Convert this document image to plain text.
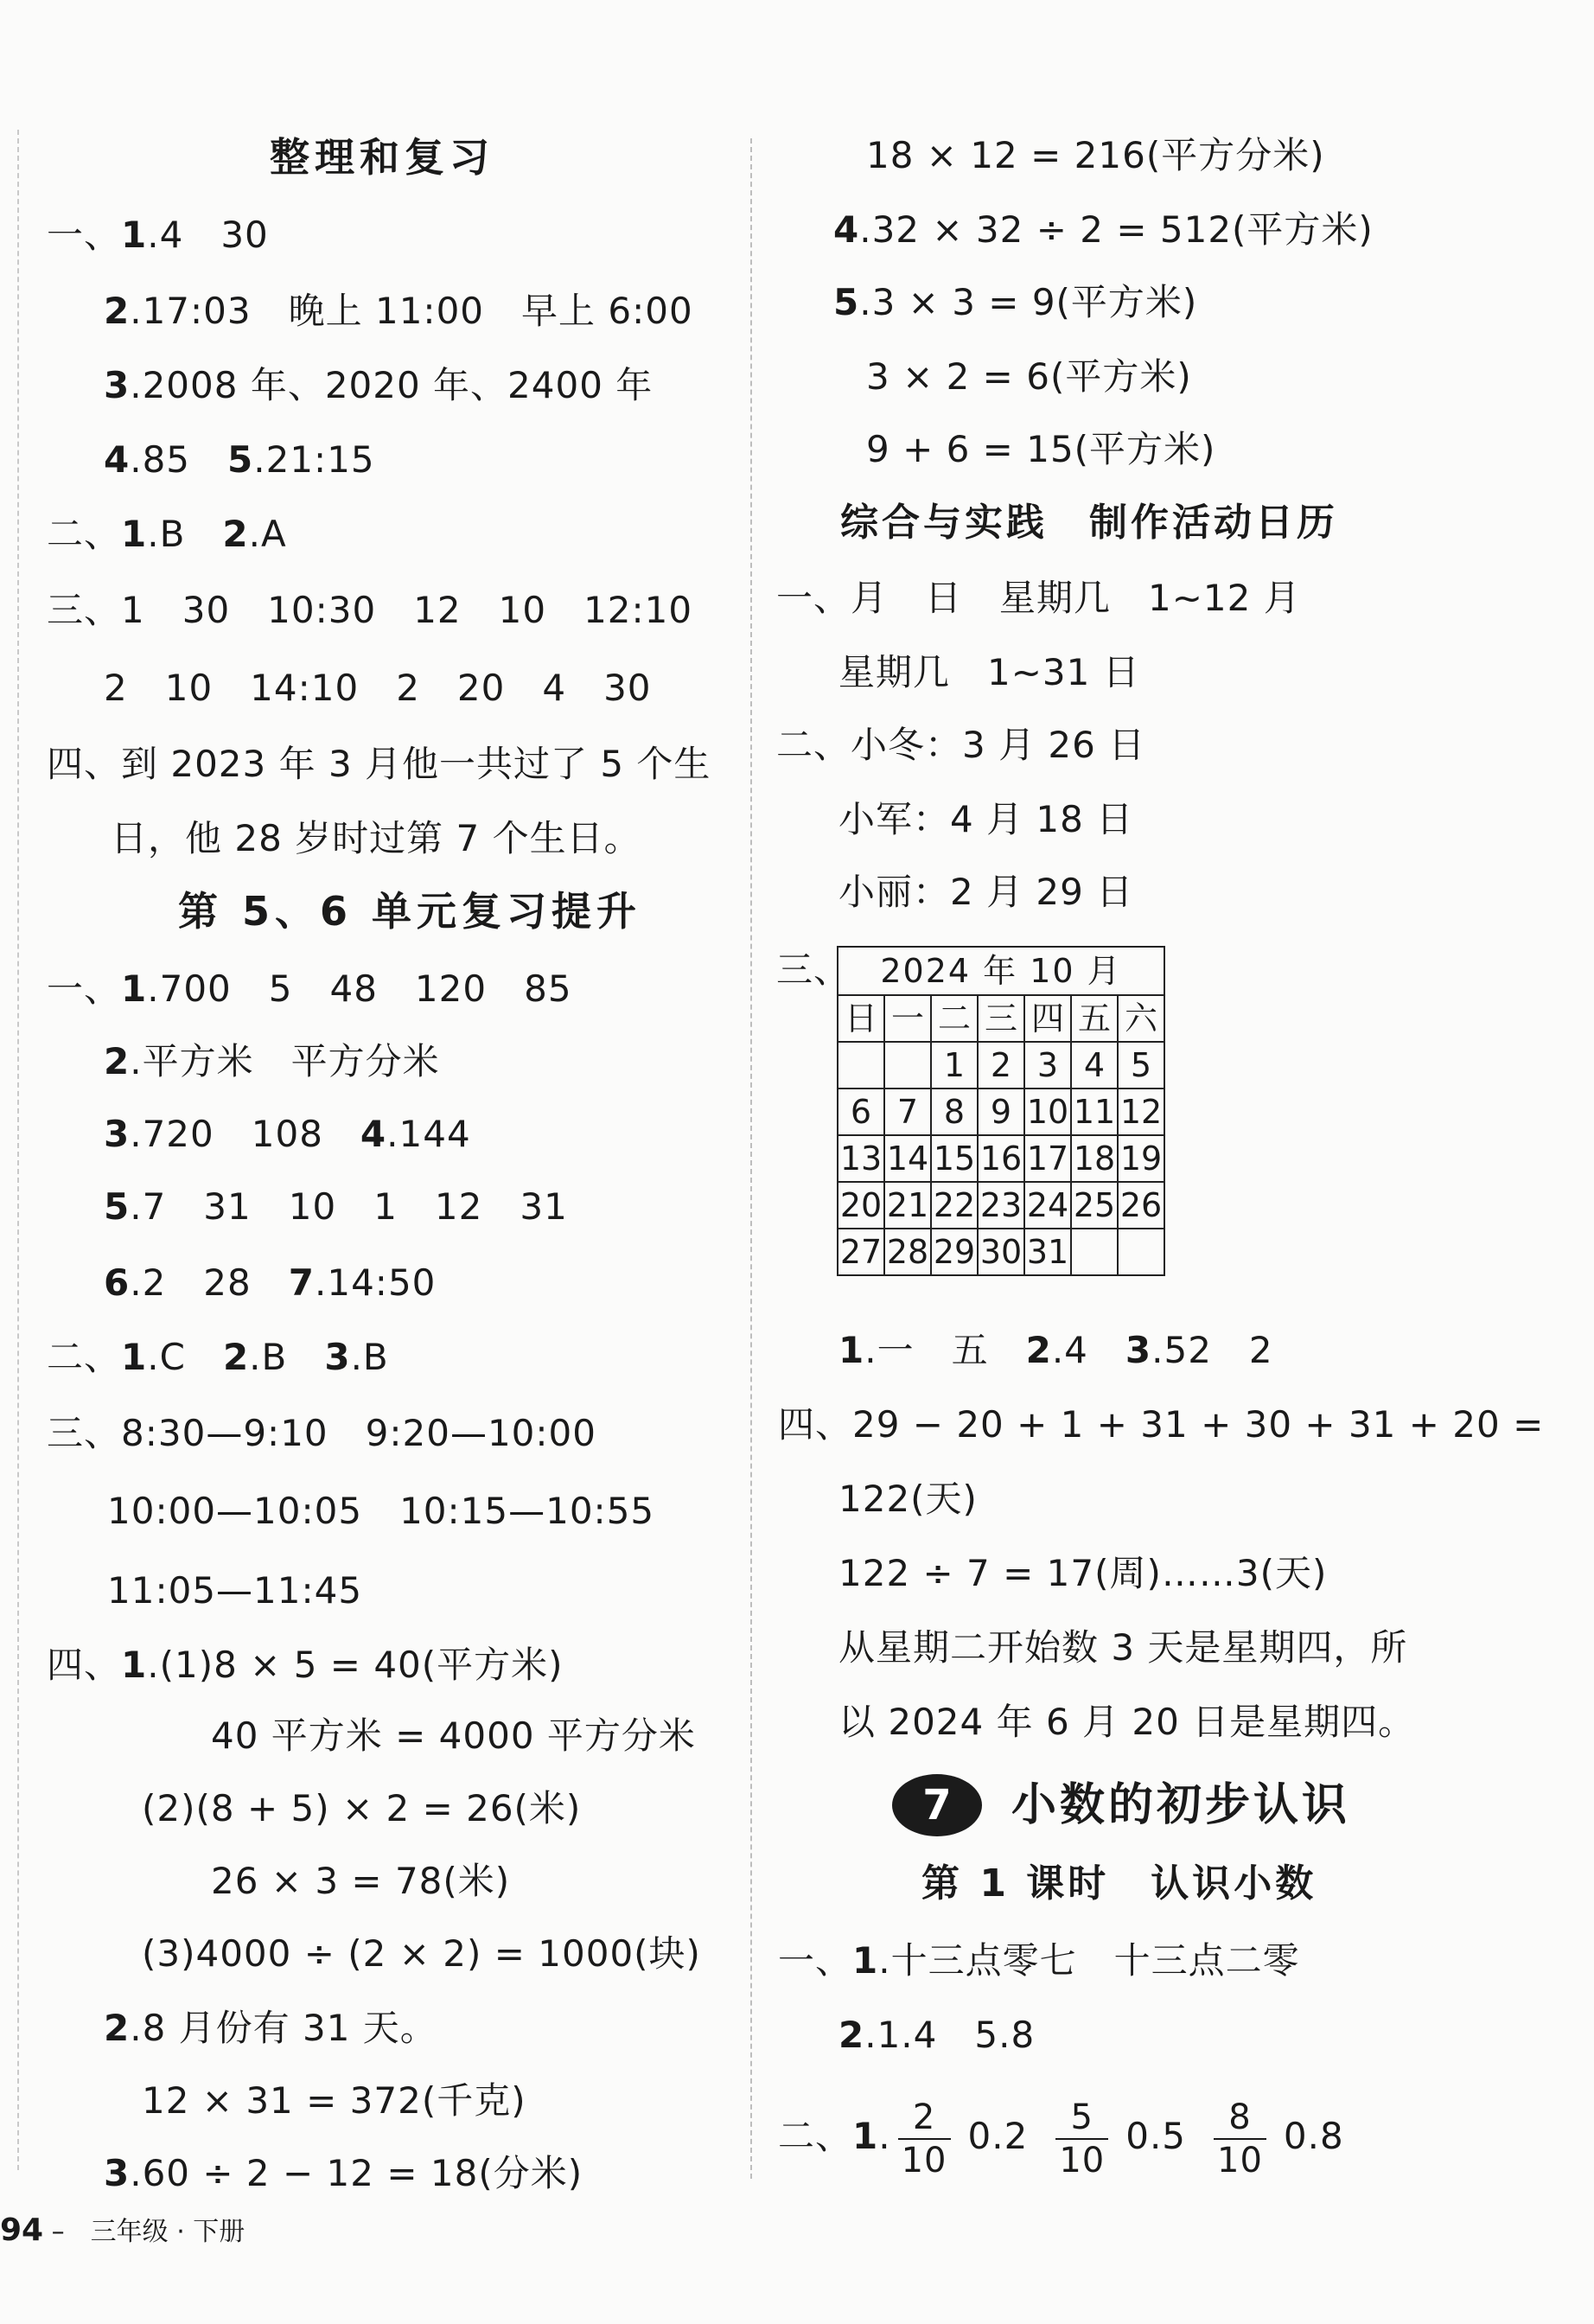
整理和复习
一、1.4　30
2.17:03　晚上 11:00　早上 6:00
3.2008 年、2020 年、2400 年
4.85　5.21:15
二、1.B　2.A
三、1　30　10:30　12　10　12:10
2　10　14:10　2　20　4　30
四、到 2023 年 3 月他一共过了 5 个生
日，他 28 岁时过第 7 个生日。
第 5、6 单元复习提升
一、1.700　5　48　120　85
2.平方米　平方分米
3.720　108　4.144
5.7　31　10　1　12　31
6.2　28　7.14:50
二、1.C　2.B　3.B
三、8:30—9:10　9:20—10:00
10:00—10:05　10:15—10:55
11:05—11:45
四、1.(1)8 × 5 = 40(平方米)
40 平方米 = 4000 平方分米
(2)(8 + 5) × 2 = 26(米)
26 × 3 = 78(米)
(3)4000 ÷ (2 × 2) = 1000(块)
2.8 月份有 31 天。
12 × 31 = 372(千克)
3.60 ÷ 2 − 12 = 18(分米)
18 × 12 = 216(平方分米)
4.32 × 32 ÷ 2 = 512(平方米)
5.3 × 3 = 9(平方米)
3 × 2 = 6(平方米)
9 + 6 = 15(平方米)
综合与实践　制作活动日历
一、月　日　星期几　1~12 月
星期几　1~31 日
二、小冬：3 月 26 日
小军：4 月 18 日
小丽：2 月 29 日
三、 2024 年 10 月						
日	一	二	三	四	五	六
		1	2	3	4	5
6	7	8	9	10	11	12
13	14	15	16	17	18	19
20	21	22	23	24	25	26
27	28	29	30	31		
1.一　五　2.4　3.52　2
四、29 − 20 + 1 + 31 + 30 + 31 + 20 =
122(天)
122 ÷ 7 = 17(周)……3(天)
从星期二开始数 3 天是星期四，所
以 2024 年 6 月 20 日是星期四。
7	小数的初步认识
第 1 课时　认识小数
一、1.十三点零七　十三点二零
2.1.4　5.8
二、1. $\frac{2}{10} 0.2 \frac{5}{10} 0.5 \frac{8}{10} 0.8$
94 –　三年级 · 下册
